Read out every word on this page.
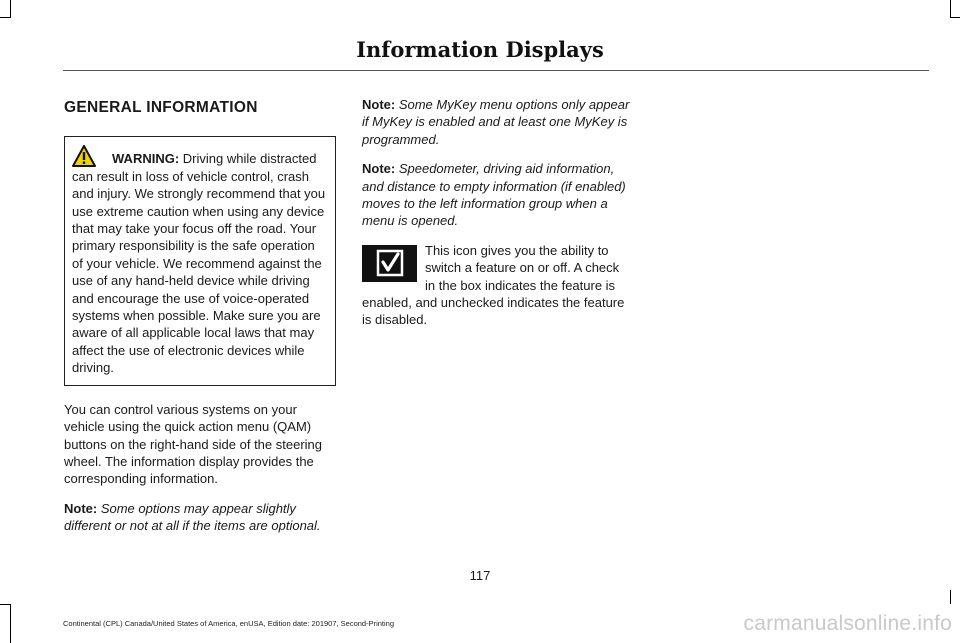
Information Displays
GENERAL INFORMATION
WARNING: Driving while distracted can result in loss of vehicle control, crash and injury. We strongly recommend that you use extreme caution when using any device that may take your focus off the road. Your primary responsibility is the safe operation of your vehicle. We recommend against the use of any hand-held device while driving and encourage the use of voice-operated systems when possible. Make sure you are aware of all applicable local laws that may affect the use of electronic devices while driving.

You can control various systems on your vehicle using the quick action menu (QAM) buttons on the right-hand side of the steering wheel. The information display provides the corresponding information.

Note: Some options may appear slightly different or not at all if the items are optional.

Note: Some MyKey menu options only appear if MyKey is enabled and at least one MyKey is programmed.

Note: Speedometer, driving aid information, and distance to empty information (if enabled) moves to the left information group when a menu is opened.

This icon gives you the ability to switch a feature on or off. A check in the box indicates the feature is enabled, and unchecked indicates the feature is disabled.
117
Continental (CPL) Canada/United States of America, enUSA, Edition date: 201907, Second-Printing	carmanualsonline.info
